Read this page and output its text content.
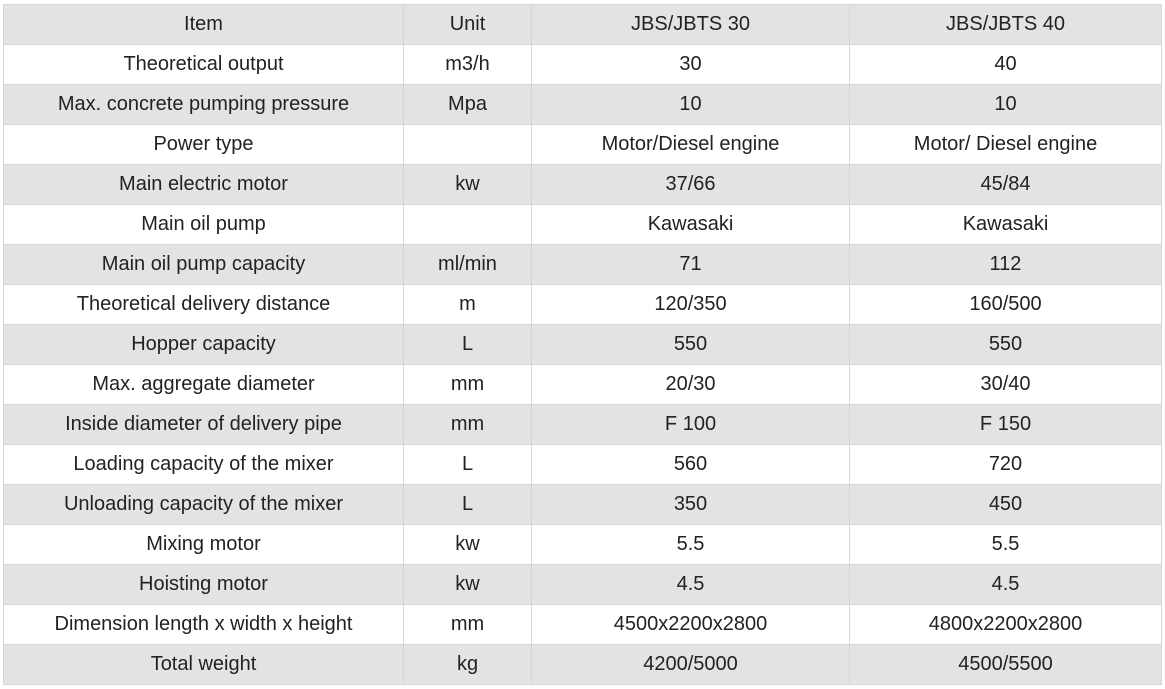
Item	Unit	JBS/JBTS 30	JBS/JBTS 40
Theoretical output	m3/h	30	40
Max. concrete pumping pressure	Mpa	10	10
Power type		Motor/Diesel engine	Motor/ Diesel engine
Main electric motor	kw	37/66	45/84
Main oil pump		Kawasaki	Kawasaki
Main oil pump capacity	ml/min	71	112
Theoretical delivery distance	m	120/350	160/500
Hopper capacity	L	550	550
Max. aggregate diameter	mm	20/30	30/40
Inside diameter of delivery pipe	mm	F 100	F 150
Loading capacity of the mixer	L	560	720
Unloading capacity of the mixer	L	350	450
Mixing motor	kw	5.5	5.5
Hoisting motor	kw	4.5	4.5
Dimension length x width x height	mm	4500x2200x2800	4800x2200x2800
Total weight	kg	4200/5000	4500/5500
